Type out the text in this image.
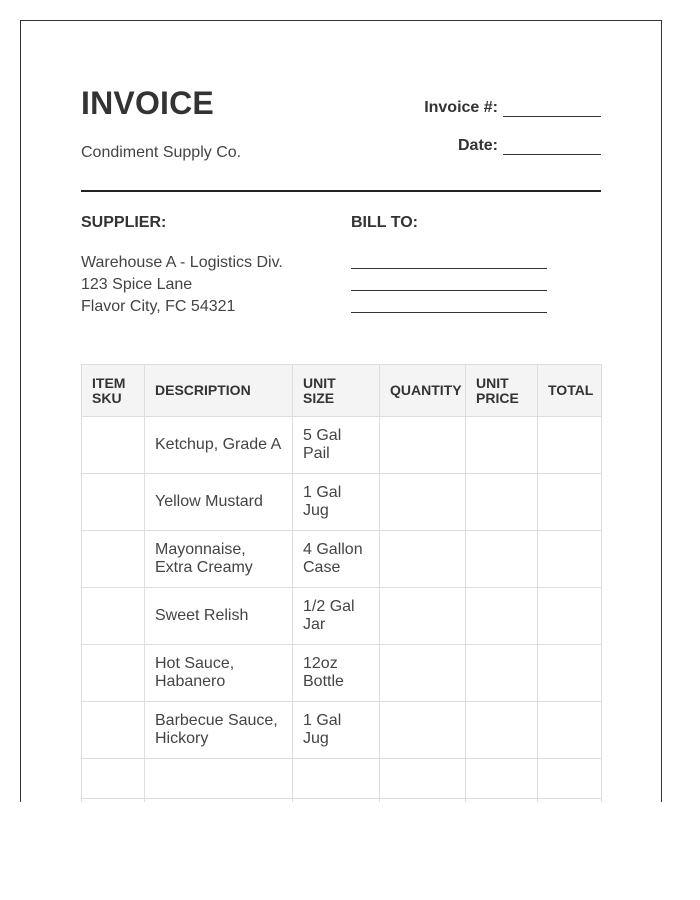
INVOICE
Condiment Supply Co.
Invoice #:
Date:
SUPPLIER:	BILL TO:
Warehouse A - Logistics Div.
123 Spice Lane
Flavor City, FC 54321
ITEM SKU	DESCRIPTION	UNIT SIZE	QUANTITY	UNIT PRICE	TOTAL
	Ketchup, Grade A	5 Gal Pail			
	Yellow Mustard	1 Gal Jug			
	Mayonnaise, Extra Creamy	4 Gallon Case			
	Sweet Relish	1/2 Gal Jar			
	Hot Sauce, Habanero	12oz Bottle			
	Barbecue Sauce, Hickory	1 Gal Jug			
